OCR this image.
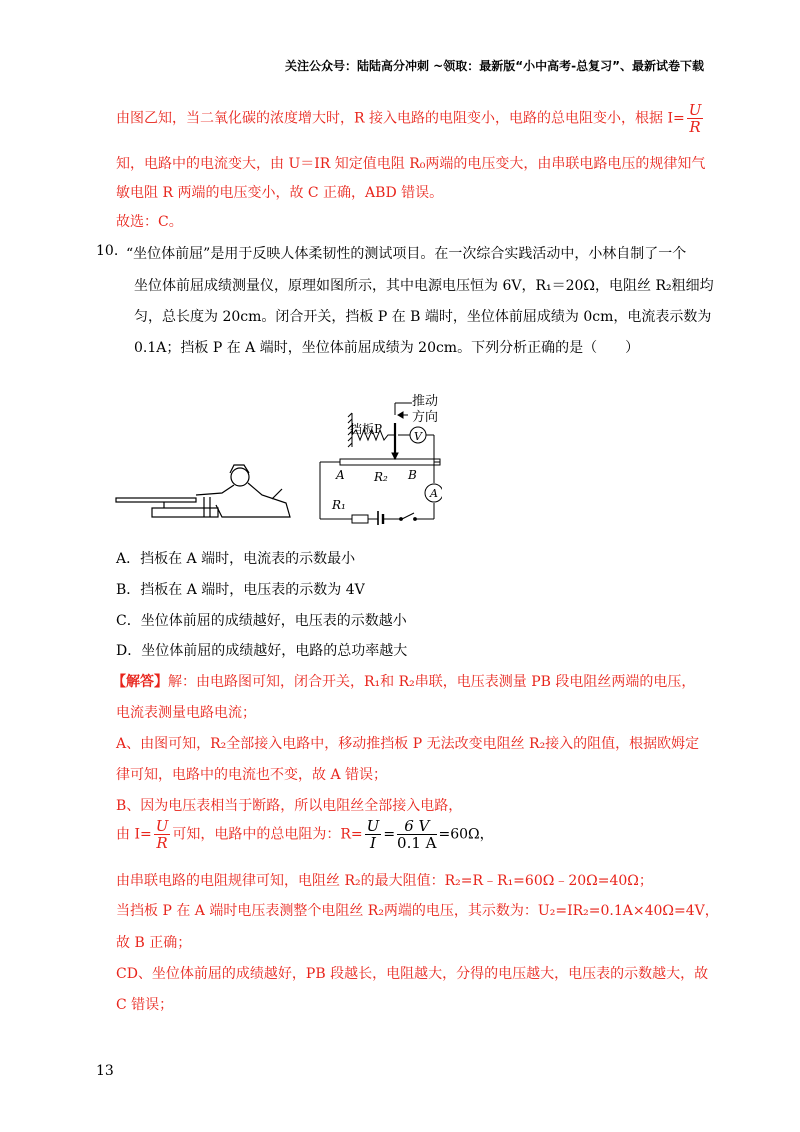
关注公众号：陆陆高分冲刺 ~领取：最新版“小中高考-总复习”、最新试卷下载
由图乙知，当二氧化碳的浓度增大时，R 接入电路的电阻变小，电路的总电阻变小，根据 $I= \frac{U}{R}$
知，电路中的电流变大，由 U＝IR 知定值电阻 R₀两端的电压变大，由串联电路电压的规律知气
敏电阻 R 两端的电压变小，故 C 正确，ABD 错误。
故选：C。
10. “坐位体前屈”是用于反映人体柔韧性的测试项目。在一次综合实践活动中，小林自制了一个
坐位体前屈成绩测量仪，原理如图所示，其中电源电压恒为 6V，R₁＝20Ω，电阻丝 R₂粗细均
匀，总长度为 20cm。闭合开关，挡板 P 在 B 端时，坐位体前屈成绩为 0cm，电流表示数为
0.1A；挡板 P 在 A 端时，坐位体前屈成绩为 20cm。下列分析正确的是（　　）
推动
方向
挡板P
V
A
A R₂ B
R₁
A．挡板在 A 端时，电流表的示数最小
B．挡板在 A 端时，电压表的示数为 4V
C．坐位体前屈的成绩越好，电压表的示数越小
D．坐位体前屈的成绩越好，电路的总功率越大
【解答】解：由电路图可知，闭合开关，R₁和 R₂串联，电压表测量 PB 段电阻丝两端的电压，
电流表测量电路电流；
A、由图可知，R₂全部接入电路中，移动推挡板 P 无法改变电阻丝 R₂接入的阻值，根据欧姆定
律可知，电路中的电流也不变，故 A 错误；
B、因为电压表相当于断路，所以电阻丝全部接入电路，
由 $I= \frac{U}{R}$ 可知，电路中的总电阻为：$R= \frac{U}{I} = \frac{6 V}{0.1 A} =60\Omega$，
由串联电路的电阻规律可知，电阻丝 R₂的最大阻值：R₂=R﹣R₁=60Ω﹣20Ω=40Ω；
当挡板 P 在 A 端时电压表测整个电阻丝 R₂两端的电压，其示数为：U₂=IR₂=0.1A×40Ω=4V，
故 B 正确；
CD、坐位体前屈的成绩越好，PB 段越长，电阻越大，分得的电压越大，电压表的示数越大，故
C 错误；
13
